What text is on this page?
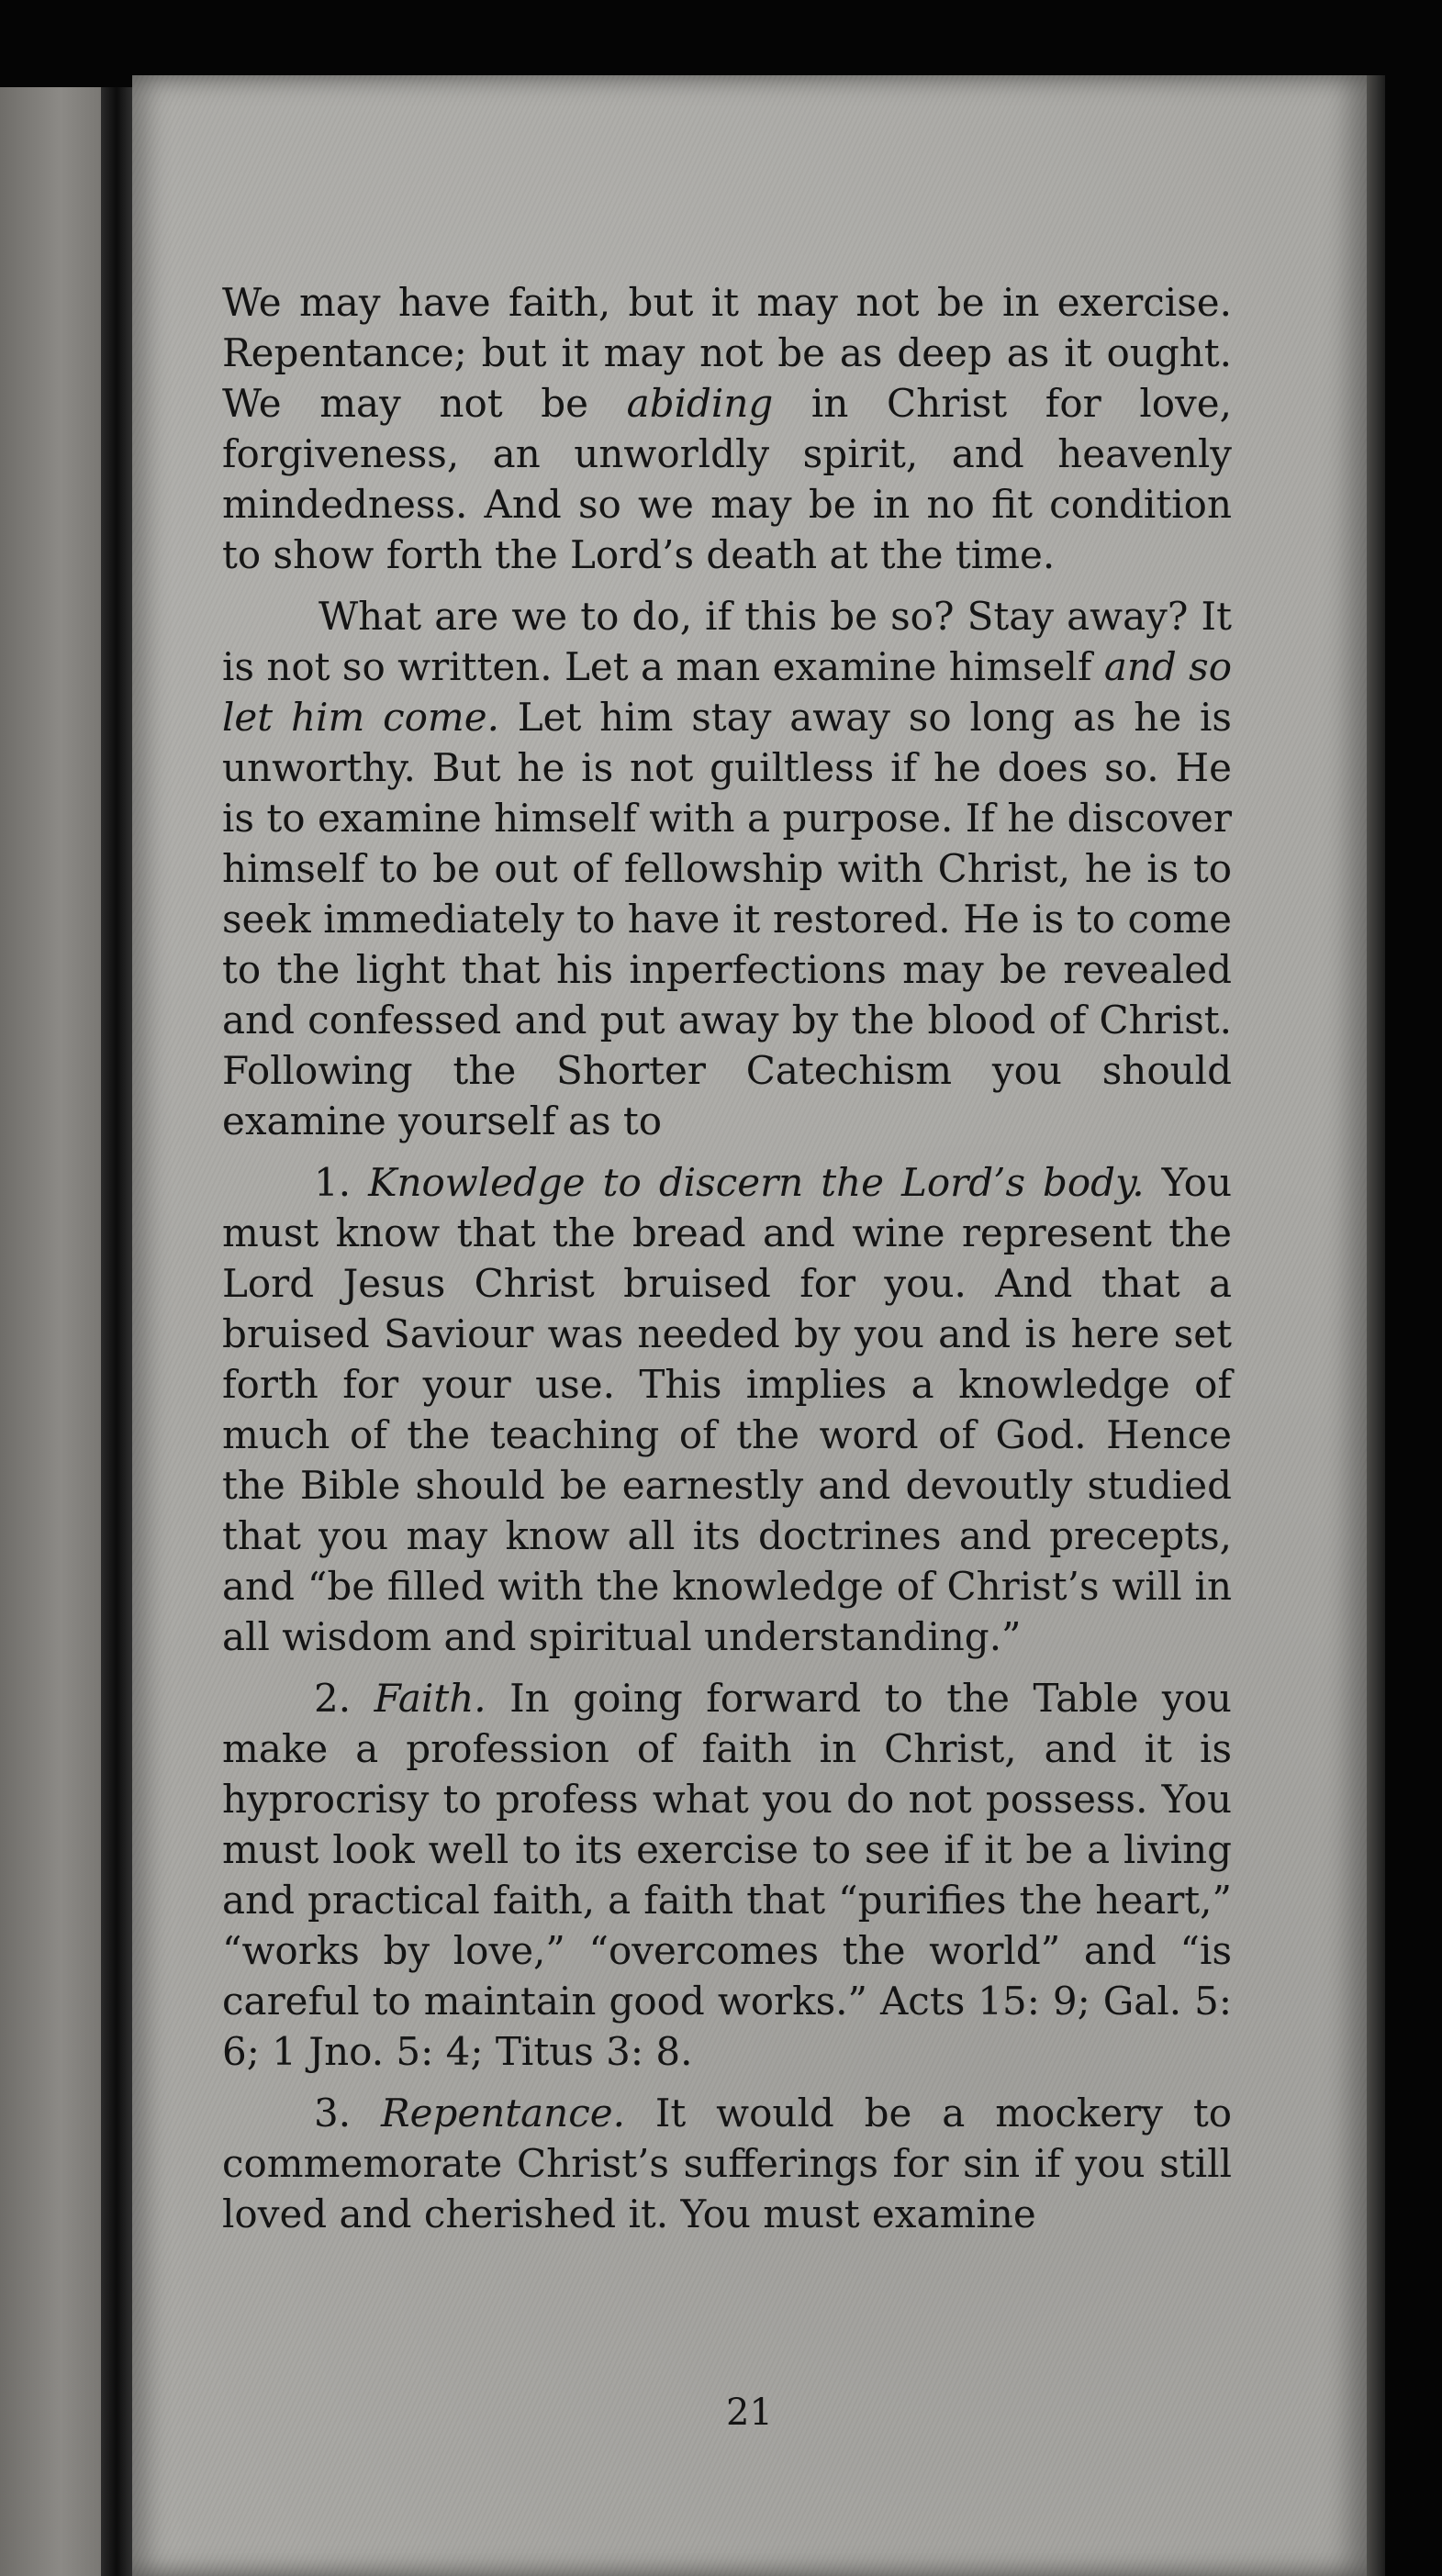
We may have faith, but it may not be in exercise. Repentance; but it may not be as deep as it ought. We may not be abiding in Christ for love, forgiveness, an unworldly spirit, and heavenly mindedness. And so we may be in no fit condition to show forth the Lord’s death at the time.

What are we to do, if this be so? Stay away? It is not so written. Let a man examine himself and so let him come. Let him stay away so long as he is unworthy. But he is not guiltless if he does so. He is to examine himself with a purpose. If he discover himself to be out of fellowship with Christ, he is to seek immediately to have it restored. He is to come to the light that his inperfections may be revealed and confessed and put away by the blood of Christ. Following the Shorter Catechism you should examine yourself as to

1. Knowledge to discern the Lord’s body. You must know that the bread and wine represent the Lord Jesus Christ bruised for you. And that a bruised Saviour was needed by you and is here set forth for your use. This implies a knowledge of much of the teaching of the word of God. Hence the Bible should be earnestly and devoutly studied that you may know all its doctrines and precepts, and “be filled with the knowledge of Christ’s will in all wisdom and spiritual understanding.”

2. Faith. In going forward to the Table you make a profession of faith in Christ, and it is hyprocrisy to profess what you do not possess. You must look well to its exercise to see if it be a living and practical faith, a faith that “purifies the heart,” “works by love,” “overcomes the world” and “is careful to maintain good works.” Acts 15: 9; Gal. 5: 6; 1 Jno. 5: 4; Titus 3: 8.

3. Repentance. It would be a mockery to commemorate Christ’s sufferings for sin if you still loved and cherished it. You must examine

21
